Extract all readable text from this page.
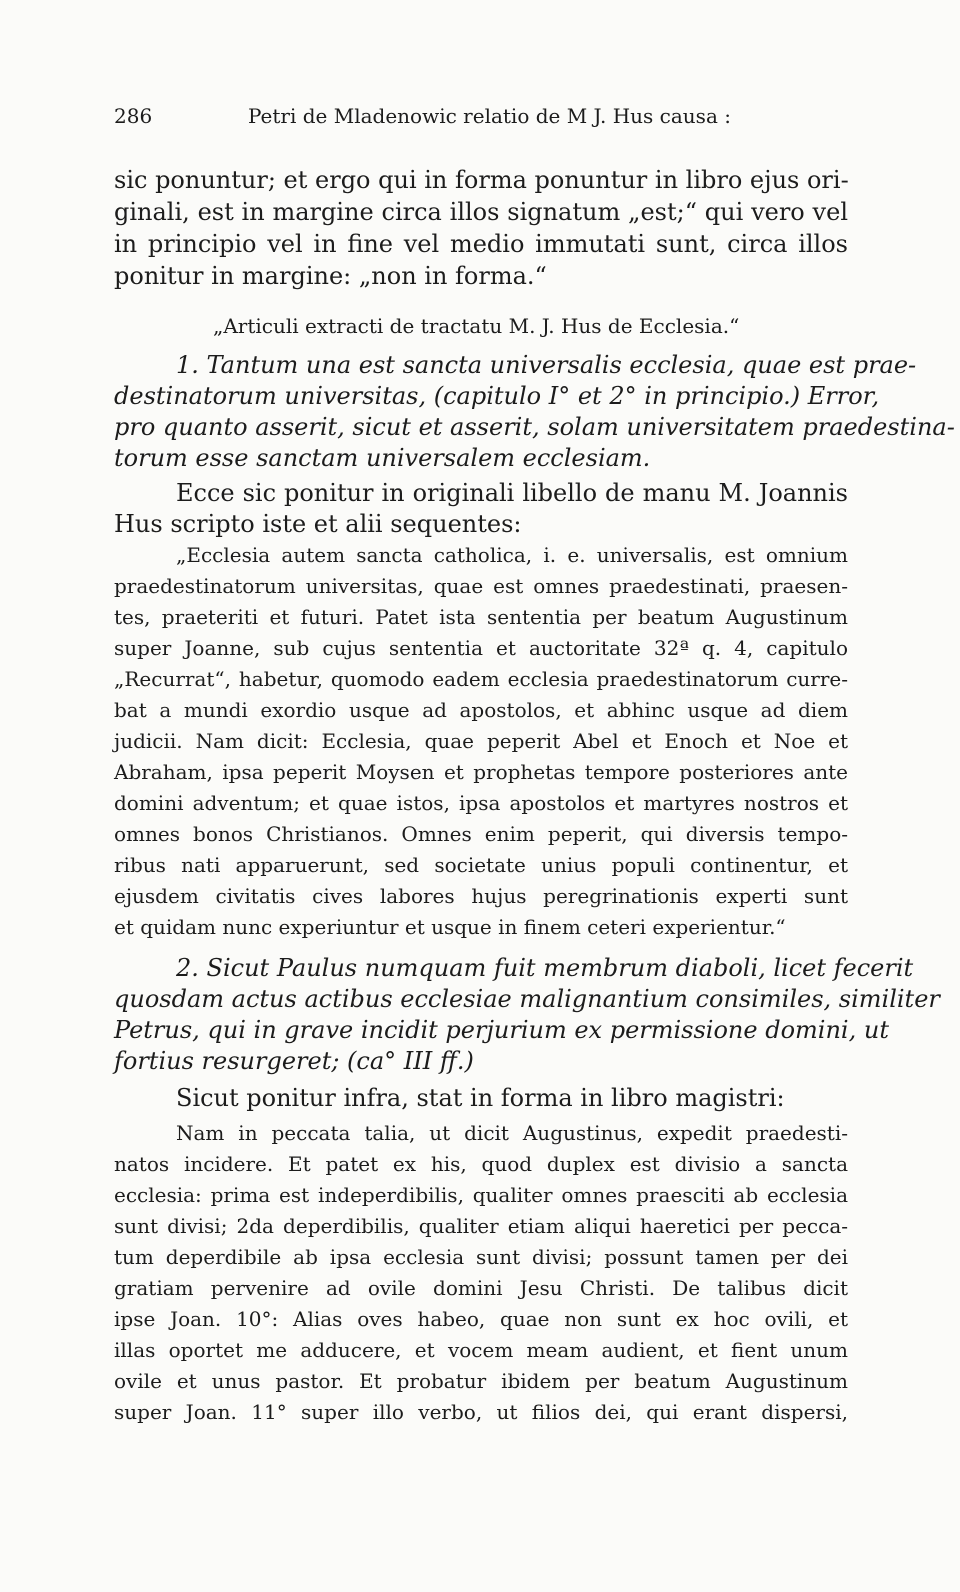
286	Petri de Mladenowic relatio de M J. Hus causa :
sic ponuntur; et ergo qui in forma ponuntur in libro ejus ori-
ginali, est in margine circa illos signatum „est;“ qui vero vel
in principio vel in fine vel medio immutati sunt, circa illos
ponitur in margine: „non in forma.“
„Articuli extracti de tractatu M. J. Hus de Ecclesia.“
1. Tantum una est sancta universalis ecclesia, quae est prae-
destinatorum universitas, (capitulo I° et 2° in principio.) Error,
pro quanto asserit, sicut et asserit, solam universitatem praedestina-
torum esse sanctam universalem ecclesiam.
Ecce sic ponitur in originali libello de manu M. Joannis
Hus scripto iste et alii sequentes:
„Ecclesia autem sancta catholica, i. e. universalis, est omnium
praedestinatorum universitas, quae est omnes praedestinati, praesen-
tes, praeteriti et futuri. Patet ista sententia per beatum Augustinum
super Joanne, sub cujus sententia et auctoritate 32ª q. 4, capitulo
„Recurrat“, habetur, quomodo eadem ecclesia praedestinatorum curre-
bat a mundi exordio usque ad apostolos, et abhinc usque ad diem
judicii. Nam dicit: Ecclesia, quae peperit Abel et Enoch et Noe et
Abraham, ipsa peperit Moysen et prophetas tempore posteriores ante
domini adventum; et quae istos, ipsa apostolos et martyres nostros et
omnes bonos Christianos. Omnes enim peperit, qui diversis tempo-
ribus nati apparuerunt, sed societate unius populi continentur, et
ejusdem civitatis cives labores hujus peregrinationis experti sunt
et quidam nunc experiuntur et usque in finem ceteri experientur.“
2. Sicut Paulus numquam fuit membrum diaboli, licet fecerit
quosdam actus actibus ecclesiae malignantium consimiles, similiter
Petrus, qui in grave incidit perjurium ex permissione domini, ut
fortius resurgeret; (ca° III ff.)
Sicut ponitur infra, stat in forma in libro magistri:
Nam in peccata talia, ut dicit Augustinus, expedit praedesti-
natos incidere. Et patet ex his, quod duplex est divisio a sancta
ecclesia: prima est indeperdibilis, qualiter omnes praesciti ab ecclesia
sunt divisi; 2da deperdibilis, qualiter etiam aliqui haeretici per pecca-
tum deperdibile ab ipsa ecclesia sunt divisi; possunt tamen per dei
gratiam pervenire ad ovile domini Jesu Christi. De talibus dicit
ipse Joan. 10°: Alias oves habeo, quae non sunt ex hoc ovili, et
illas oportet me adducere, et vocem meam audient, et fient unum
ovile et unus pastor. Et probatur ibidem per beatum Augustinum
super Joan. 11° super illo verbo, ut filios dei, qui erant dispersi,
